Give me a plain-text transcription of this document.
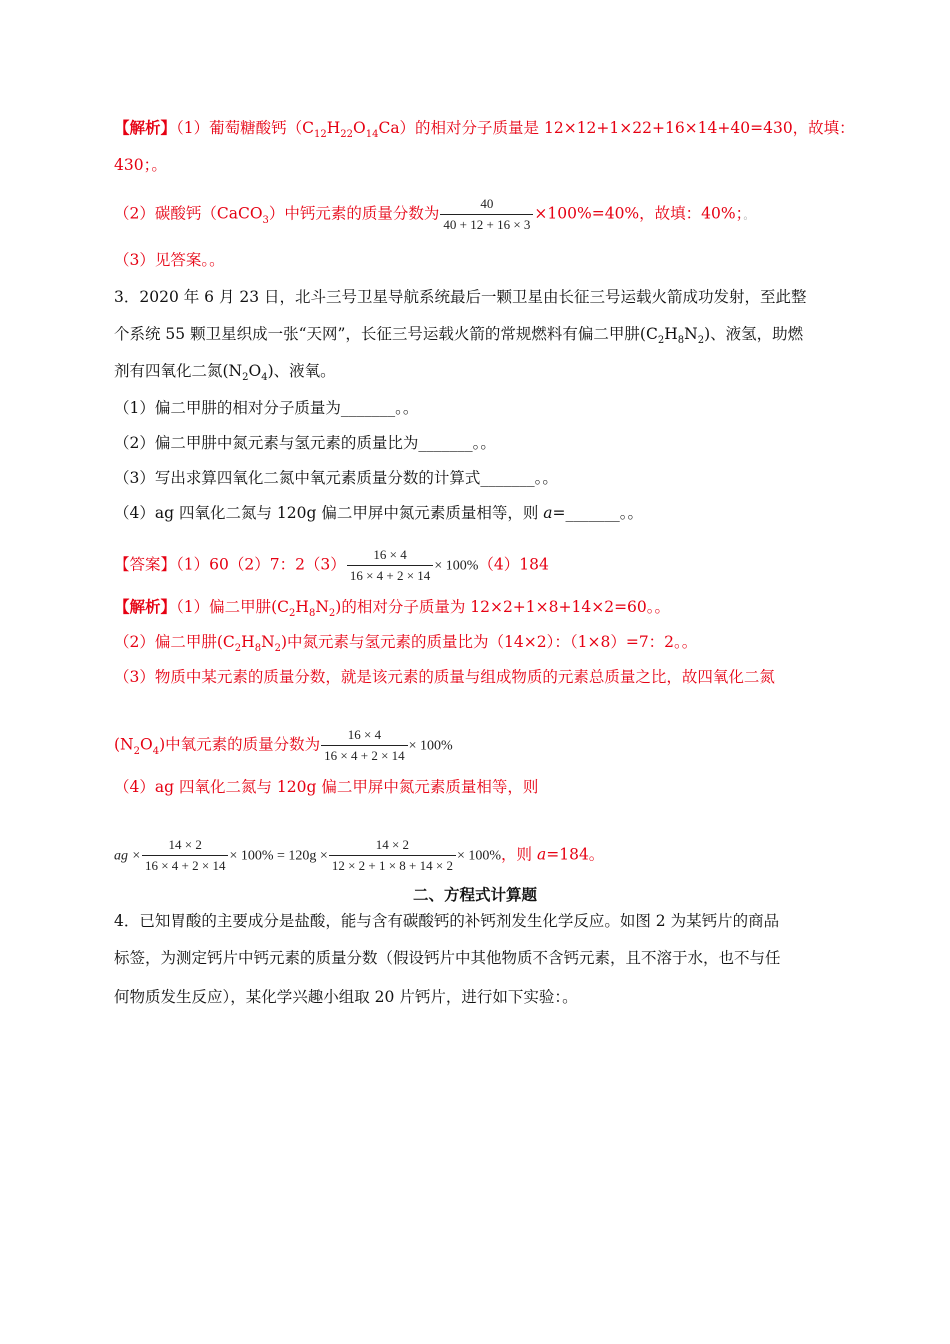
【解析】（1）葡萄糖酸钙$(C_{12}H_{22}O_{14}Ca)$的相对分子质量是 12×12+1×22+16×14+40=430，故填：
430；。
（2）碳酸钙（CaCO$_3$）中钙元素的质量分数为 $\frac{40}{40 + 12 + 16 \times 3} \times 100\%=40\%$，故填：40%；。
（3）见答案。。
3．2020 年 6 月 23 日，北斗三号卫星导航系统最后一颗卫星由长征三号运载火箭成功发射，至此整
个系统 55 颗卫星织成一张“天网”，长征三号运载火箭的常规燃料有偏二甲肼$(C_2H_8N_2)$、液氢，助燃
剂有四氧化二氮$(N_2O_4)$、液氧。
（1）偏二甲肼的相对分子质量为_______。。
（2）偏二甲肼中氮元素与氢元素的质量比为_______。。
（3）写出求算四氧化二氮中氧元素质量分数的计算式_______。。
（4）ag 四氧化二氮与 120g 偏二甲屏中氮元素质量相等，则 a=_______。。
【答案】（1）60（2）7：$2(3) \frac{16 \times 4}{16 \times 4 + 2 \times 14} \times 100\%(4)184$
【解析】（1）偏二甲肼$(C_2H_8N_2)$的相对分子质量为 12×2+1×8+14×2=60。。
（2）偏二甲肼$(C_2H_8N_2)$中氮元素与氢元素的质量比为（14×2）：（1×8）=7：2。。
（3）物质中某元素的质量分数，就是该元素的质量与组成物质的元素总质量之比，故四氧化二氮
$(N_2O_4)$中氧元素的质量分数为 $\frac{16 \times 4}{16 \times 4 + 2 \times 14} \times 100\%$
（4）ag 四氧化二氮与 120g 偏二甲屏中氮元素质量相等，则
ag × $\frac{14 \times 2}{16 \times 4 + 2 \times 14} \times 100\% = 120g \times \frac{14 \times 2}{12 \times 2 + 1 \times 8 + 14 \times 2} \times 100\%$，则 a=184。
二、方程式计算题
4．已知胃酸的主要成分是盐酸，能与含有碳酸钙的补钙剂发生化学反应。如图 2 为某钙片的商品
标签，为测定钙片中钙元素的质量分数（假设钙片中其他物质不含钙元素，且不溶于水，也不与任
何物质发生反应），某化学兴趣小组取 20 片钙片，进行如下实验：。
